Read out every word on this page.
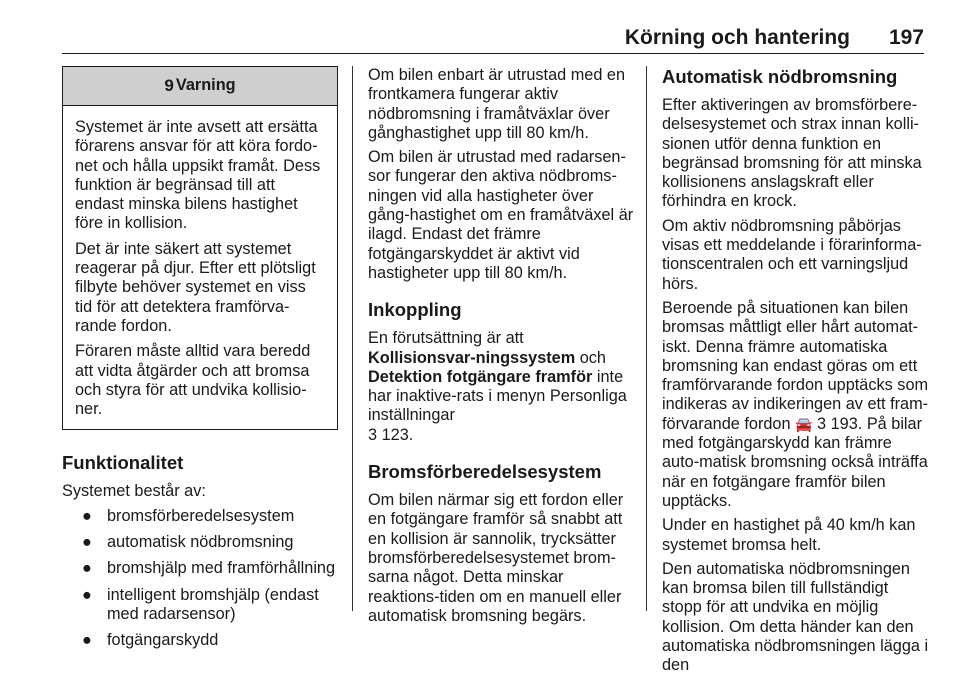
Körning och hantering 197
9 Varning

Systemet är inte avsett att ersätta förarens ansvar för att köra fordo-net och hålla uppsikt framåt. Dess funktion är begränsad till att endast minska bilens hastighet före in kollision.

Det är inte säkert att systemet reagerar på djur. Efter ett plötsligt filbyte behöver systemet en viss tid för att detektera framförva-rande fordon.

Föraren måste alltid vara beredd att vidta åtgärder och att bromsa och styra för att undvika kollisio-ner.

Funktionalitet

Systemet består av:

● bromsförberedelsesystem
● automatisk nödbromsning
● bromshjälp med framförhållning
● intelligent bromshjälp (endast med radarsensor)
● fotgängarskydd

Om bilen enbart är utrustad med en frontkamera fungerar aktiv nödbromsning i framåtväxlar över gånghastighet upp till 80 km/h.

Om bilen är utrustad med radarsen-sor fungerar den aktiva nödbroms-ningen vid alla hastigheter över gång-hastighet om en framåtväxel är ilagd. Endast det främre fotgängarskyddet är aktivt vid hastigheter upp till 80 km/h.

Inkoppling

En förutsättning är att Kollisionsvar-ningssystem och Detektion fotgängare framför inte har inaktive-rats i menyn Personliga inställningar
3 123.

Bromsförberedelsesystem

Om bilen närmar sig ett fordon eller en fotgängare framför så snabbt att en kollision är sannolik, trycksätter bromsförberedelsesystemet brom-sarna något. Detta minskar reaktions-tiden om en manuell eller automatisk bromsning begärs.

Automatisk nödbromsning

Efter aktiveringen av bromsförbere-delsesystemet och strax innan kolli-sionen utför denna funktion en begränsad bromsning för att minska kollisionens anslagskraft eller förhindra en krock.

Om aktiv nödbromsning påbörjas visas ett meddelande i förarinforma-tionscentralen och ett varningsljud hörs.

Beroende på situationen kan bilen bromsas måttligt eller hårt automat-iskt. Denna främre automatiska bromsning kan endast göras om ett framförvarande fordon upptäcks som indikeras av indikeringen av ett fram-förvarande fordon 🚘 3 193. På bilar med fotgängarskydd kan främre auto-matisk bromsning också inträffa när en fotgängare framför bilen upptäcks.

Under en hastighet på 40 km/h kan systemet bromsa helt.

Den automatiska nödbromsningen kan bromsa bilen till fullständigt stopp för att undvika en möjlig kollision. Om detta händer kan den automatiska nödbromsningen lägga i den
